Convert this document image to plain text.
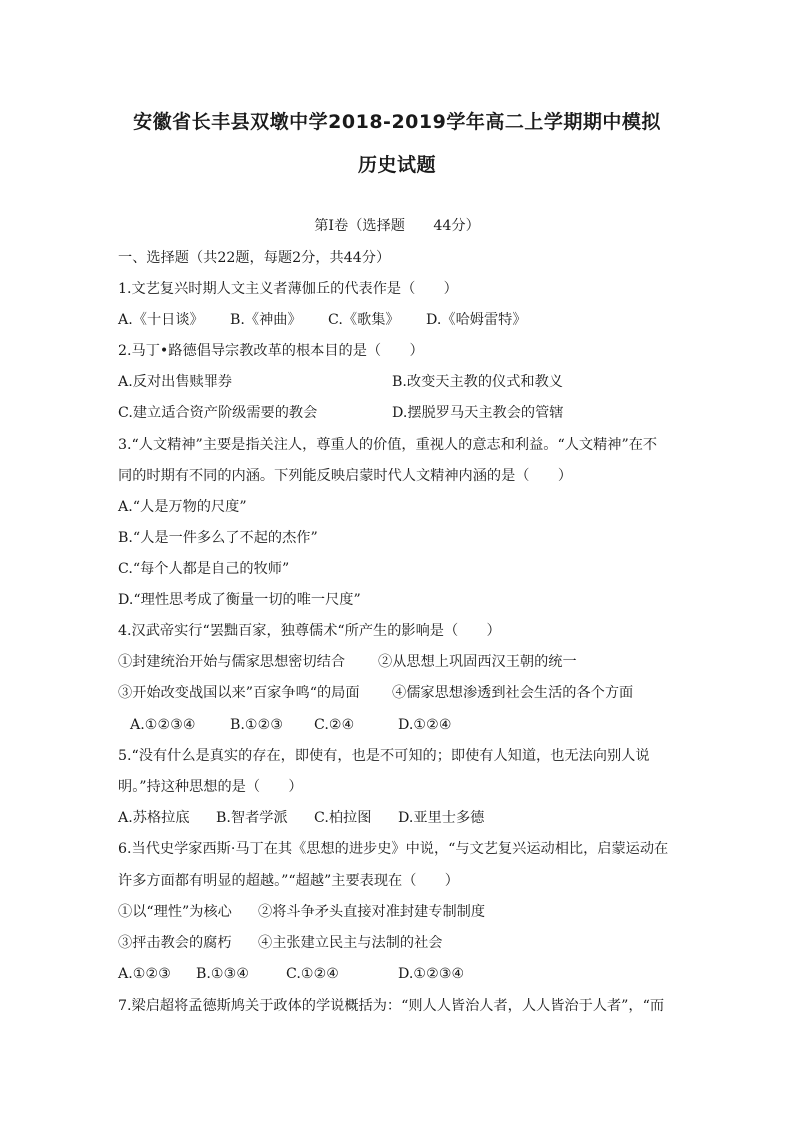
安徽省长丰县双墩中学2018-2019学年高二上学期期中模拟
历史试题
第Ⅰ卷（选择题　　44分）
一、选择题（共22题，每题2分，共44分）
1.文艺复兴时期人文主义者薄伽丘的代表作是（　　）
A.《十日谈》 B.《神曲》 C.《歌集》 D.《哈姆雷特》
2.马丁•路德倡导宗教改革的根本目的是（　　）
A.反对出售赎罪券	B.改变天主教的仪式和教义
C.建立适合资产阶级需要的教会	D.摆脱罗马天主教会的管辖
3.“人文精神”主要是指关注人，尊重人的价值，重视人的意志和利益。“人文精神”在不
同的时期有不同的内涵。下列能反映启蒙时代人文精神内涵的是（　　）
A.“人是万物的尺度”
B.“人是一件多么了不起的杰作”
C.“每个人都是自己的牧师”
D.“理性思考成了衡量一切的唯一尺度”
4.汉武帝实行“罢黜百家，独尊儒术“所产生的影响是（　　）
①封建统治开始与儒家思想密切结合 ②从思想上巩固西汉王朝的统一
③开始改变战国以来”百家争鸣“的局面 ④儒家思想渗透到社会生活的各个方面
A.①②③④ B.①②③ C.②④	D.①②④
5.“没有什么是真实的存在，即使有，也是不可知的；即使有人知道，也无法向别人说
明。”持这种思想的是（　　）
A.苏格拉底 B.智者学派 C.柏拉图 D.亚里士多德
6.当代史学家西斯·马丁在其《思想的进步史》中说，“与文艺复兴运动相比，启蒙运动在
许多方面都有明显的超越。”“超越”主要表现在（　　）
①以“理性”为核心 ②将斗争矛头直接对准封建专制制度
③抨击教会的腐朽 ④主张建立民主与法制的社会
A.①②③ B.①③④	C.①②④	D.①②③④
7.梁启超将孟德斯鸠关于政体的学说概括为：“则人人皆治人者，人人皆治于人者”，“而
